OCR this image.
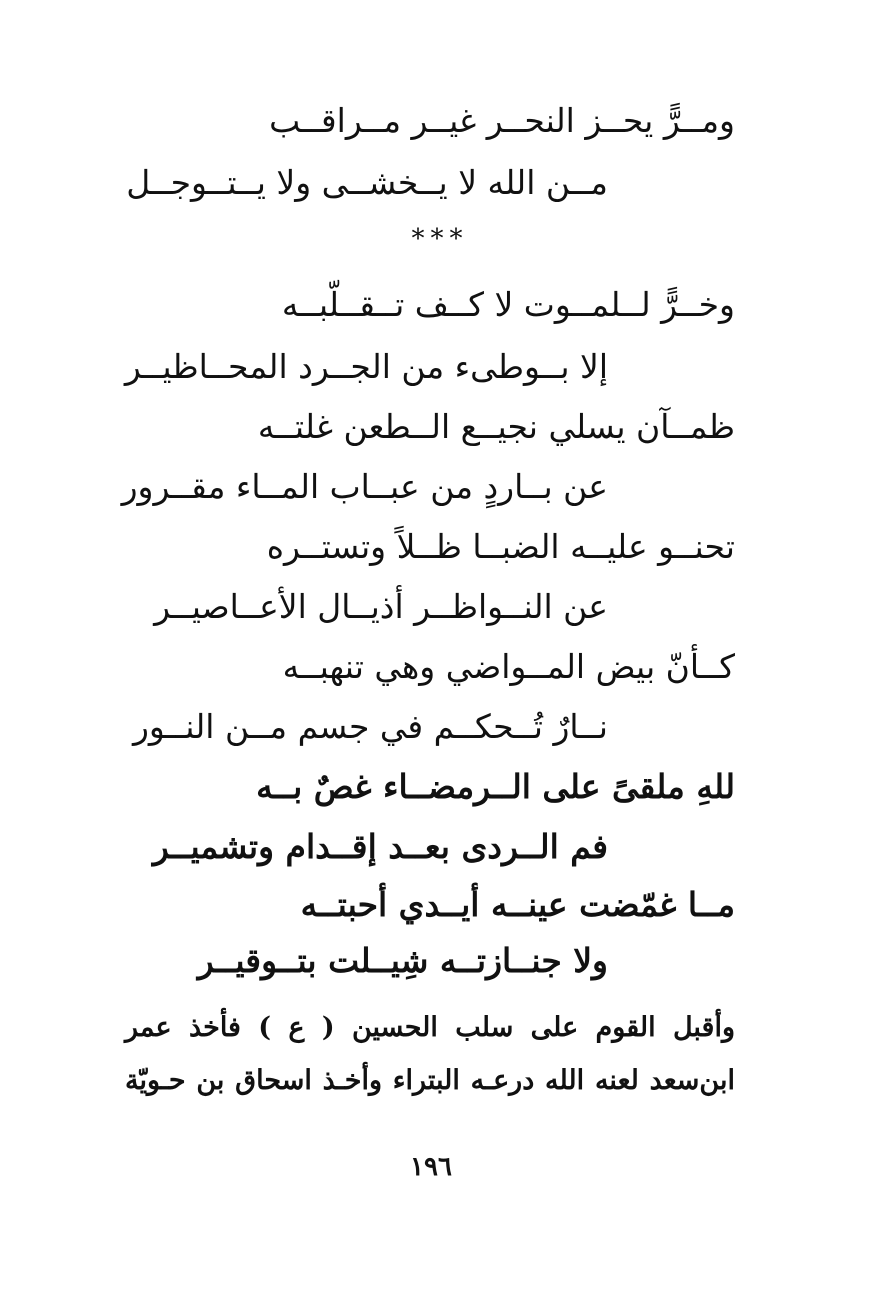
ومــرًّ يحــز النحــر غيــر مــراقــب
مــن الله لا يــخشــى ولا يــتــوجــل
***
وخــرًّ لــلمــوت لا كــف تــقــلّبــه
إلا بــوطىء من الجــرد المحــاظيــر
ظمــآن يسلي نجيــع الــطعن غلتــه
عن بــاردٍ من عبــاب المــاء مقــرور
تحنــو عليــه الضبــا ظــلاً وتستــره
عن النــواظــر أذيــال الأعــاصيــر
كــأنّ بيض المــواضي وهي تنهبــه
نــارٌ تُــحكــم في جسم مــن النــور
للهِ ملقىً على الــرمضــاء غصٌ بــه
فم الــردى بعــد إقــدام وتشميــر
مــا غمّضت عينــه أيــدي أحبتــه
ولا جنــازتــه شِيــلت بتــوقيــر
وأقبل القوم على سلب الحسين ( ع ) فأخذ عمر
ابن‌سعد لعنه الله درعـه البتراء وأخـذ اسحاق بن حـويّة
١٩٦
